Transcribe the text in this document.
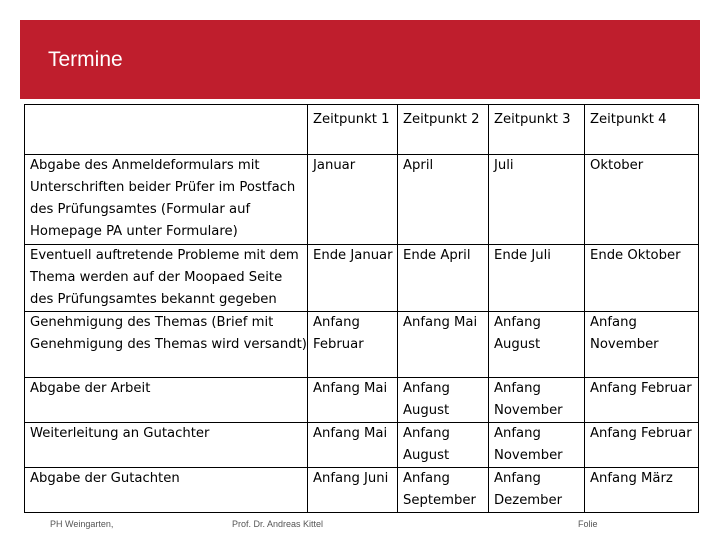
Termine
	Zeitpunkt 1	Zeitpunkt 2	Zeitpunkt 3	Zeitpunkt 4
Abgabe des Anmeldeformulars mit Unterschriften beider Prüfer im Postfach des Prüfungsamtes (Formular auf Homepage PA unter Formulare)	Januar	April	Juli	Oktober
Eventuell auftretende Probleme mit dem Thema werden auf der Moopaed Seite des Prüfungsamtes bekannt gegeben	Ende Januar	Ende April	Ende Juli	Ende Oktober
Genehmigung des Themas (Brief mit Genehmigung des Themas wird versandt)	Anfang Februar	Anfang Mai	Anfang August	Anfang November
Abgabe der Arbeit	Anfang Mai	Anfang August	Anfang November	Anfang Februar
Weiterleitung an Gutachter	Anfang Mai	Anfang August	Anfang November	Anfang Februar
Abgabe der Gutachten	Anfang Juni	Anfang September	Anfang Dezember	Anfang März
PH Weingarten,	Prof. Dr. Andreas Kittel	Folie
